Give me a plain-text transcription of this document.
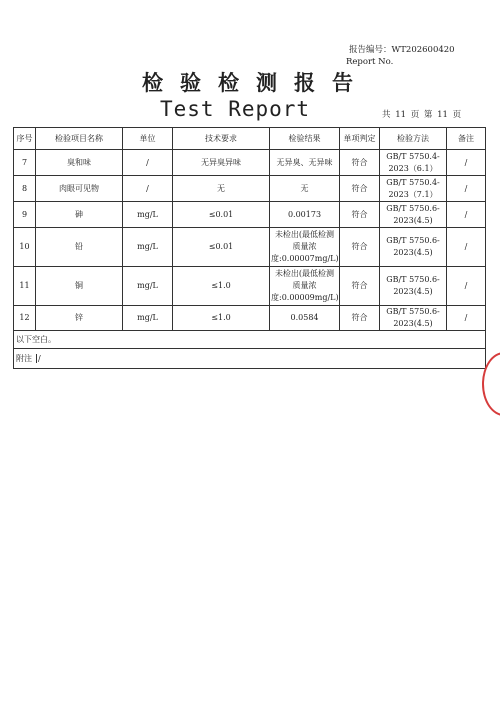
报告编号：WT202600420
Report No.
检验检测报告
Test Report	共 11 页 第 11 页
序号	检验项目名称	单位	技术要求	检验结果	单项判定	检验方法	备注
7	臭和味	/	无异臭异味	无异臭、无异味	符合	GB/T 5750.4-2023（6.1）	/
8	肉眼可见物	/	无	无	符合	GB/T 5750.4-2023（7.1）	/
9	砷	mg/L	≤0.01	0.00173	符合	GB/T 5750.6-2023(4.5)	/
10	铅	mg/L	≤0.01	未检出(最低检测质量浓度:0.00007mg/L)	符合	GB/T 5750.6-2023(4.5)	/
11	铜	mg/L	≤1.0	未检出(最低检测质量浓度:0.00009mg/L)	符合	GB/T 5750.6-2023(4.5)	/
12	锌	mg/L	≤1.0	0.0584	符合	GB/T 5750.6-2023(4.5)	/
以下空白。							
附注 /							
